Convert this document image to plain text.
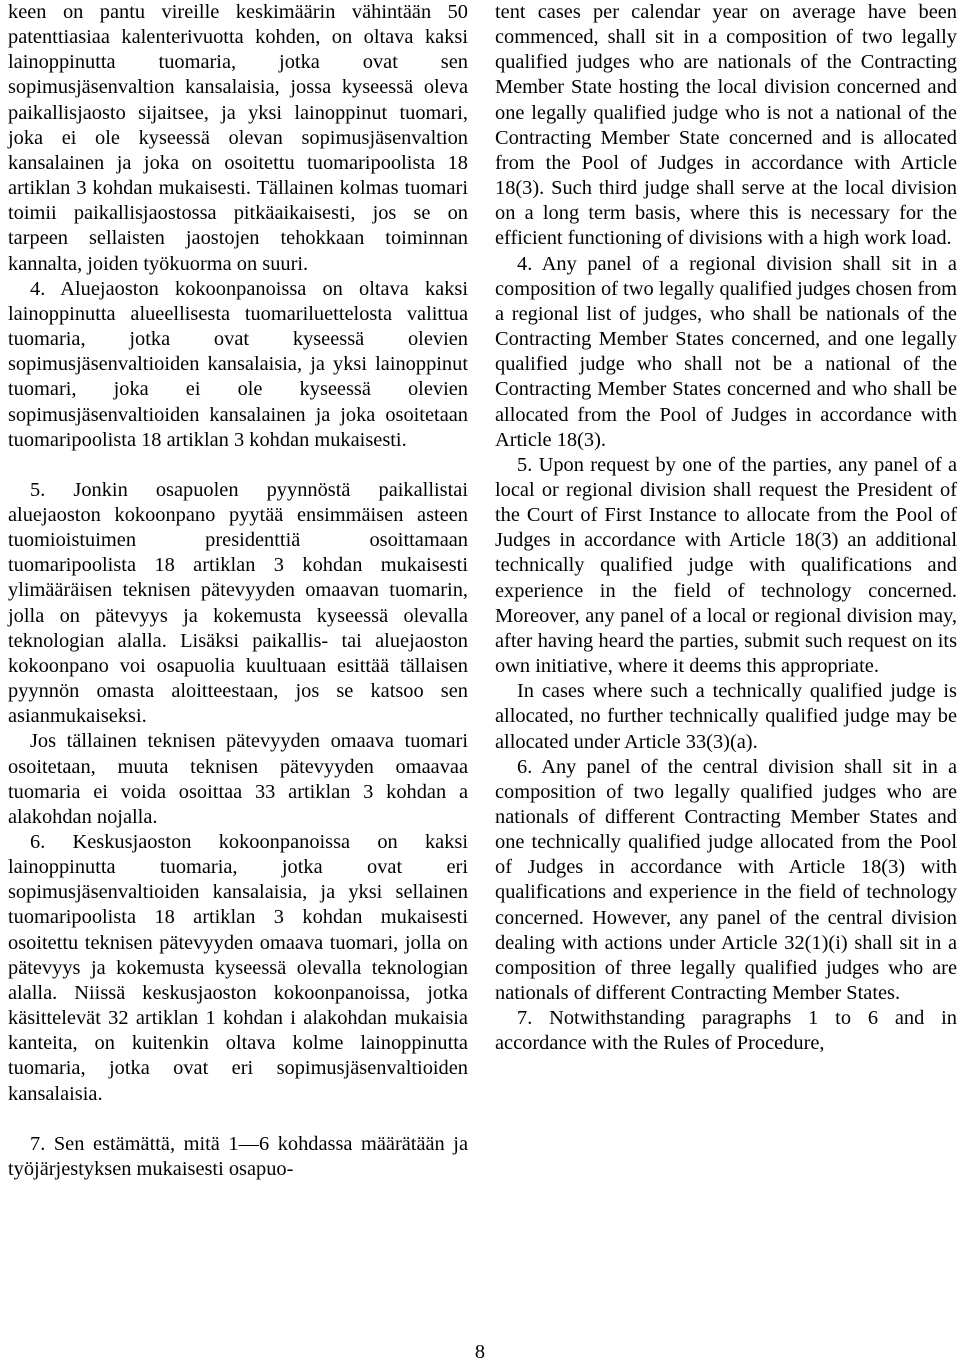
keen on pantu vireille keskimäärin vähintään 50 patenttiasiaa kalenterivuotta kohden, on oltava kaksi lainoppinutta tuomaria, jotka ovat sen sopimusjäsenvaltion kansalaisia, jossa kyseessä oleva paikallisjaosto sijaitsee, ja yksi lainoppinut tuomari, joka ei ole kyseessä olevan sopimusjäsenvaltion kansalainen ja joka on osoitettu tuomaripoolista 18 artiklan 3 kohdan mukaisesti. Tällainen kolmas tuomari toimii paikallisjaostossa pitkäaikaisesti, jos se on tarpeen sellaisten jaostojen tehokkaan toiminnan kannalta, joiden työkuorma on suuri.

4. Aluejaoston kokoonpanoissa on oltava kaksi lainoppinutta alueellisesta tuomariluettelosta valittua tuomaria, jotka ovat kyseessä olevien sopimusjäsenvaltioiden kansalaisia, ja yksi lainoppinut tuomari, joka ei ole kyseessä olevien sopimusjäsenvaltioiden kansalainen ja joka osoitetaan tuomaripoolista 18 artiklan 3 kohdan mukaisesti.

5. Jonkin osapuolen pyynnöstä paikallistai aluejaoston kokoonpano pyytää ensimmäisen asteen tuomioistuimen presidenttiä osoittamaan tuomaripoolista 18 artiklan 3 kohdan mukaisesti ylimääräisen teknisen pätevyyden omaavan tuomarin, jolla on pätevyys ja kokemusta kyseessä olevalla teknologian alalla. Lisäksi paikallis- tai aluejaoston kokoonpano voi osapuolia kuultuaan esittää tällaisen pyynnön omasta aloitteestaan, jos se katsoo sen asianmukaiseksi.

Jos tällainen teknisen pätevyyden omaava tuomari osoitetaan, muuta teknisen pätevyyden omaavaa tuomaria ei voida osoittaa 33 artiklan 3 kohdan a alakohdan nojalla.

6. Keskusjaoston kokoonpanoissa on kaksi lainoppinutta tuomaria, jotka ovat eri sopimusjäsenvaltioiden kansalaisia, ja yksi sellainen tuomaripoolista 18 artiklan 3 kohdan mukaisesti osoitettu teknisen pätevyyden omaava tuomari, jolla on pätevyys ja kokemusta kyseessä olevalla teknologian alalla. Niissä keskusjaoston kokoonpanoissa, jotka käsittelevät 32 artiklan 1 kohdan i alakohdan mukaisia kanteita, on kuitenkin oltava kolme lainoppinutta tuomaria, jotka ovat eri sopimusjäsenvaltioiden kansalaisia.

7. Sen estämättä, mitä 1—6 kohdassa määrätään ja työjärjestyksen mukaisesti osapuo-

tent cases per calendar year on average have been commenced, shall sit in a composition of two legally qualified judges who are nationals of the Contracting Member State hosting the local division concerned and one legally qualified judge who is not a national of the Contracting Member State concerned and is allocated from the Pool of Judges in accordance with Article 18(3). Such third judge shall serve at the local division on a long term basis, where this is necessary for the efficient functioning of divisions with a high work load.

4. Any panel of a regional division shall sit in a composition of two legally qualified judges chosen from a regional list of judges, who shall be nationals of the Contracting Member States concerned, and one legally qualified judge who shall not be a national of the Contracting Member States concerned and who shall be allocated from the Pool of Judges in accordance with Article 18(3).

5. Upon request by one of the parties, any panel of a local or regional division shall request the President of the Court of First Instance to allocate from the Pool of Judges in accordance with Article 18(3) an additional technically qualified judge with qualifications and experience in the field of technology concerned. Moreover, any panel of a local or regional division may, after having heard the parties, submit such request on its own initiative, where it deems this appropriate.

In cases where such a technically qualified judge is allocated, no further technically qualified judge may be allocated under Article 33(3)(a).

6. Any panel of the central division shall sit in a composition of two legally qualified judges who are nationals of different Contracting Member States and one technically qualified judge allocated from the Pool of Judges in accordance with Article 18(3) with qualifications and experience in the field of technology concerned. However, any panel of the central division dealing with actions under Article 32(1)(i) shall sit in a composition of three legally qualified judges who are nationals of different Contracting Member States.

7. Notwithstanding paragraphs 1 to 6 and in accordance with the Rules of Procedure,

8
